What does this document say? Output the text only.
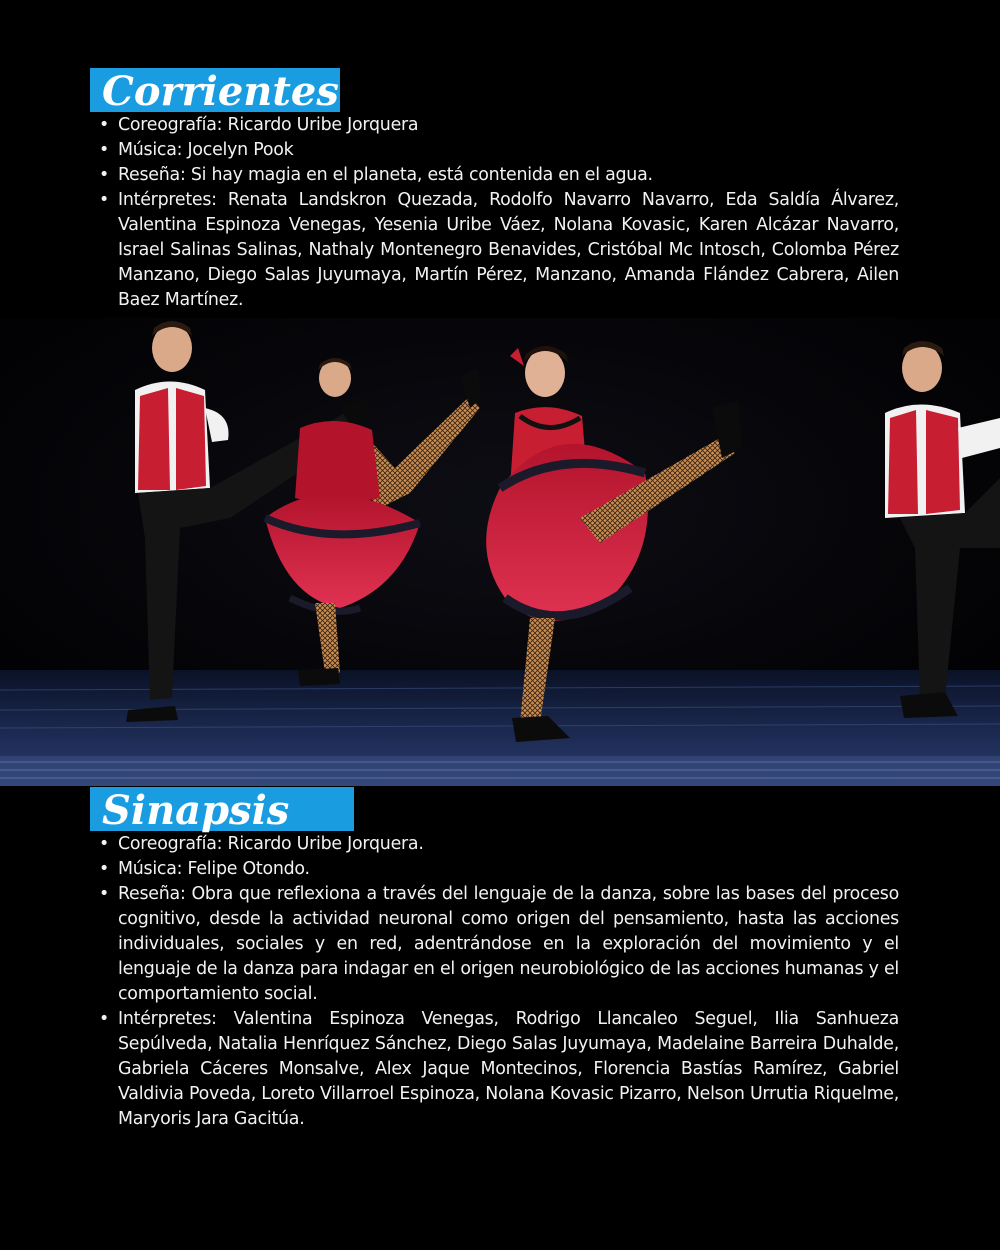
Corrientes
• Coreografía: Ricardo Uribe Jorquera
• Música: Jocelyn Pook
• Reseña: Si hay magia en el planeta, está contenida en el agua.
• Intérpretes: Renata Landskron Quezada, Rodolfo Navarro Navarro, Eda Saldía Álvarez, Valentina Espinoza Venegas, Yesenia Uribe Váez, Nolana Kovasic, Karen Alcázar Navarro, Israel Salinas Salinas, Nathaly Montenegro Benavides, Cristóbal Mc Intosch, Colomba Pérez Manzano, Diego Salas Juyumaya, Martín Pérez, Manzano, Amanda Flández Cabrera, Ailen Baez Martínez.
Sinapsis
• Coreografía: Ricardo Uribe Jorquera.
• Música: Felipe Otondo.
• Reseña: Obra que reflexiona a través del lenguaje de la danza, sobre las bases del proceso cognitivo, desde la actividad neuronal como origen del pensamiento, hasta las acciones individuales, sociales y en red, adentrándose en la exploración del movimiento y el lenguaje de la danza para indagar en el origen neurobiológico de las acciones humanas y el comportamiento social.
• Intérpretes: Valentina Espinoza Venegas, Rodrigo Llancaleo Seguel, Ilia Sanhueza Sepúlveda, Natalia Henríquez Sánchez, Diego Salas Juyumaya, Madelaine Barreira Duhalde, Gabriela Cáceres Monsalve, Alex Jaque Montecinos, Florencia Bastías Ramírez, Gabriel Valdivia Poveda, Loreto Villarroel Espinoza, Nolana Kovasic Pizarro, Nelson Urrutia Riquelme, Maryoris Jara Gacitúa.
